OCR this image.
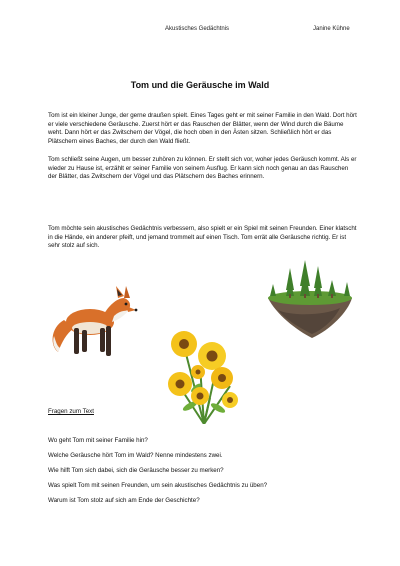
Akustisches Gedächtnis	Janine Kühne
Tom und die Geräusche im Wald

Tom ist ein kleiner Junge, der gerne draußen spielt. Eines Tages geht er mit seiner Familie in den Wald. Dort hört er viele verschiedene Geräusche. Zuerst hört er das Rauschen der Blätter, wenn der Wind durch die Bäume weht. Dann hört er das Zwitschern der Vögel, die hoch oben in den Ästen sitzen. Schließlich hört er das Plätschern eines Baches, der durch den Wald fließt.

Tom schließt seine Augen, um besser zuhören zu können. Er stellt sich vor, woher jedes Geräusch kommt. Als er wieder zu Hause ist, erzählt er seiner Familie von seinem Ausflug. Er kann sich noch genau an das Rauschen der Blätter, das Zwitschern der Vögel und das Plätschern des Baches erinnern.

Tom möchte sein akustisches Gedächtnis verbessern, also spielt er ein Spiel mit seinen Freunden. Einer klatscht in die Hände, ein anderer pfeift, und jemand trommelt auf einen Tisch. Tom errät alle Geräusche richtig. Er ist sehr stolz auf sich.

Fragen zum Text
Wo geht Tom mit seiner Familie hin?
Welche Geräusche hört Tom im Wald? Nenne mindestens zwei.
Wie hilft Tom sich dabei, sich die Geräusche besser zu merken?
Was spielt Tom mit seinen Freunden, um sein akustisches Gedächtnis zu üben?
Warum ist Tom stolz auf sich am Ende der Geschichte?
